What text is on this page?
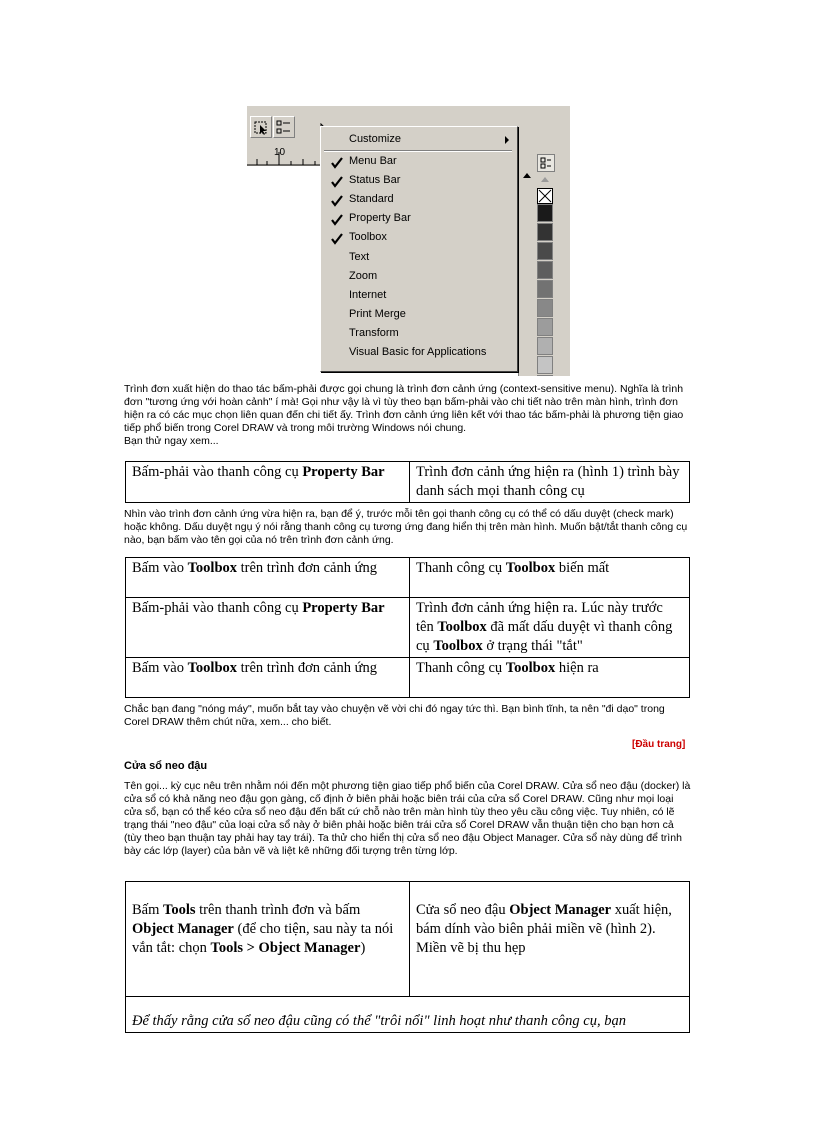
10
Customize
Menu Bar
Status Bar
Standard
Property Bar
Toolbox
Text
Zoom
Internet
Print Merge
Transform
Visual Basic for Applications
Trình đơn xuất hiện do thao tác bấm-phải được gọi chung là trình đơn cảnh ứng (context-sensitive menu). Nghĩa là trình đơn "tương ứng với hoàn cảnh" í mà! Gọi như vậy là vì tùy theo bạn bấm-phải vào chi tiết nào trên màn hình, trình đơn hiện ra có các mục chọn liên quan đến chi tiết ấy. Trình đơn cảnh ứng liên kết với thao tác bấm-phải là phương tiện giao tiếp phổ biến trong Corel DRAW và trong môi trường Windows nói chung.
Bạn thử ngay xem...
Bấm-phải vào thanh công cụ Property Bar	Trình đơn cảnh ứng hiện ra (hình 1) trình bày danh sách mọi thanh công cụ
Nhìn vào trình đơn cảnh ứng vừa hiện ra, bạn để ý, trước mỗi tên gọi thanh công cụ có thể có dấu duyệt (check mark) hoặc không. Dấu duyệt ngụ ý nói rằng thanh công cụ tương ứng đang hiển thị trên màn hình. Muốn bật/tắt thanh công cụ nào, bạn bấm vào tên gọi của nó trên trình đơn cảnh ứng.
Bấm vào Toolbox trên trình đơn cảnh ứng	Thanh công cụ Toolbox biến mất
Bấm-phải vào thanh công cụ Property Bar	Trình đơn cảnh ứng hiện ra. Lúc này trước tên Toolbox đã mất dấu duyệt vì thanh công cụ Toolbox ở trạng thái "tắt"
Bấm vào Toolbox trên trình đơn cảnh ứng	Thanh công cụ Toolbox hiện ra
Chắc bạn đang "nóng máy", muốn bắt tay vào chuyện vẽ vời chi đó ngay tức thì. Bạn bình tĩnh, ta nên "đi dạo" trong Corel DRAW thêm chút nữa, xem... cho biết.
[Đầu trang]
Cửa sổ neo đậu
Tên gọi... kỳ cục nêu trên nhằm nói đến một phương tiện giao tiếp phổ biến của Corel DRAW. Cửa sổ neo đậu (docker) là cửa sổ có khả năng neo đậu gọn gàng, cố định ở biên phải hoặc biên trái của cửa sổ Corel DRAW. Cũng như mọi loại cửa sổ, bạn có thể kéo cửa sổ neo đậu đến bất cứ chỗ nào trên màn hình tùy theo yêu cầu công việc. Tuy nhiên, có lẽ trạng thái "neo đậu" của loại cửa sổ này ở biên phải hoặc biên trái cửa sổ Corel DRAW vẫn thuận tiện cho bạn hơn cả (tùy theo bạn thuận tay phải hay tay trái). Ta thử cho hiển thị cửa sổ neo đậu Object Manager. Cửa sổ này dùng để trình bày các lớp (layer) của bản vẽ và liệt kê những đối tượng trên từng lớp.
Bấm Tools trên thanh trình đơn và bấm Object Manager (để cho tiện, sau này ta nói vắn tắt: chọn Tools > Object Manager)	Cửa sổ neo đậu Object Manager xuất hiện, bám dính vào biên phải miền vẽ (hình 2). Miền vẽ bị thu hẹp
Để thấy rằng cửa sổ neo đậu cũng có thể "trôi nổi" linh hoạt như thanh công cụ, bạn
